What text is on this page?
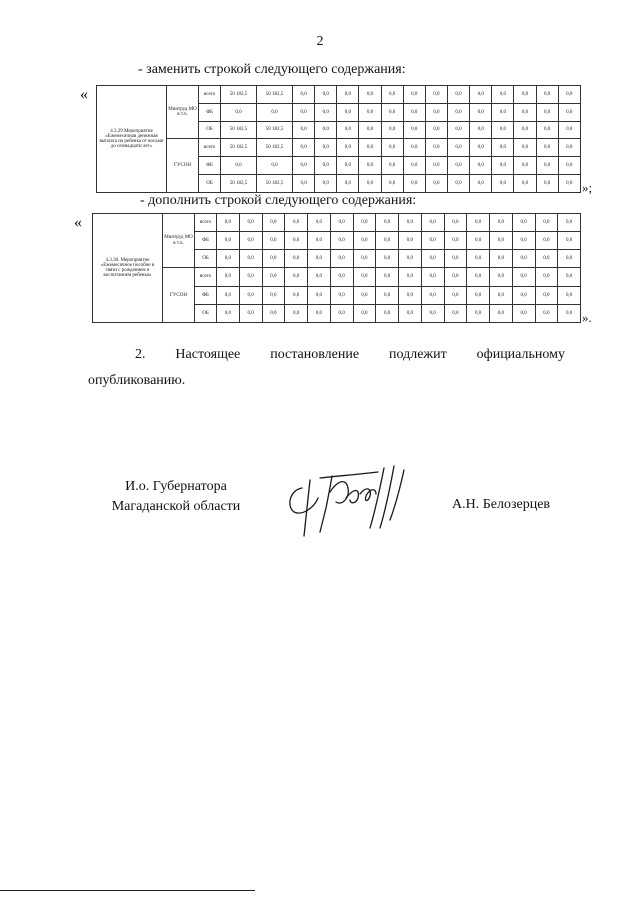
2
- заменить строкой следующего содержания:
«
4.3.29 Мероприятие «Ежемесячная денежная выплата на ребенка от восьми до семнадцати лет»	Минтруд МО в т.ч.	всего	50 182,5	50 182,5	0,0	0,0	0,0	0,0	0,0	0,0	0,0	0,0	0,0	0,0	0,0	0,0	0,0
		ФБ	0,0	0,0	0,0	0,0	0,0	0,0	0,0	0,0	0,0	0,0	0,0	0,0	0,0	0,0	0,0
		ОБ	50 182,5	50 182,5	0,0	0,0	0,0	0,0	0,0	0,0	0,0	0,0	0,0	0,0	0,0	0,0	0,0
	ГУСОН	всего	50 182,5	50 182,5	0,0	0,0	0,0	0,0	0,0	0,0	0,0	0,0	0,0	0,0	0,0	0,0	0,0
		ФБ	0,0	0,0	0,0	0,0	0,0	0,0	0,0	0,0	0,0	0,0	0,0	0,0	0,0	0,0	0,0
		ОБ	50 182,5	50 182,5	0,0	0,0	0,0	0,0	0,0	0,0	0,0	0,0	0,0	0,0	0,0	0,0	0,0 »;
- дополнить строкой следующего содержания:
«
4.3.30. Мероприятие «Ежемесячное пособие в связи с рождением и воспитанием ребенка»	Минтруд МО в т.ч.	всего	0,0	0,0	0,0	0,0	0,0	0,0	0,0	0,0	0,0	0,0	0,0	0,0	0,0	0,0	0,0	0,0
		ФБ	0,0	0,0	0,0	0,0	0,0	0,0	0,0	0,0	0,0	0,0	0,0	0,0	0,0	0,0	0,0	0,0
		ОБ	0,0	0,0	0,0	0,0	0,0	0,0	0,0	0,0	0,0	0,0	0,0	0,0	0,0	0,0	0,0	0,0
	ГУСОН	всего	0,0	0,0	0,0	0,0	0,0	0,0	0,0	0,0	0,0	0,0	0,0	0,0	0,0	0,0	0,0	0,0
		ФБ	0,0	0,0	0,0	0,0	0,0	0,0	0,0	0,0	0,0	0,0	0,0	0,0	0,0	0,0	0,0	0,0
		ОБ	0,0	0,0	0,0	0,0	0,0	0,0	0,0	0,0	0,0	0,0	0,0	0,0	0,0	0,0	0,0	0,0 ».
2. Настоящее постановление подлежит официальному
опубликованию.
И.о. Губернатора
Магаданской области	А.Н. Белозерцев
